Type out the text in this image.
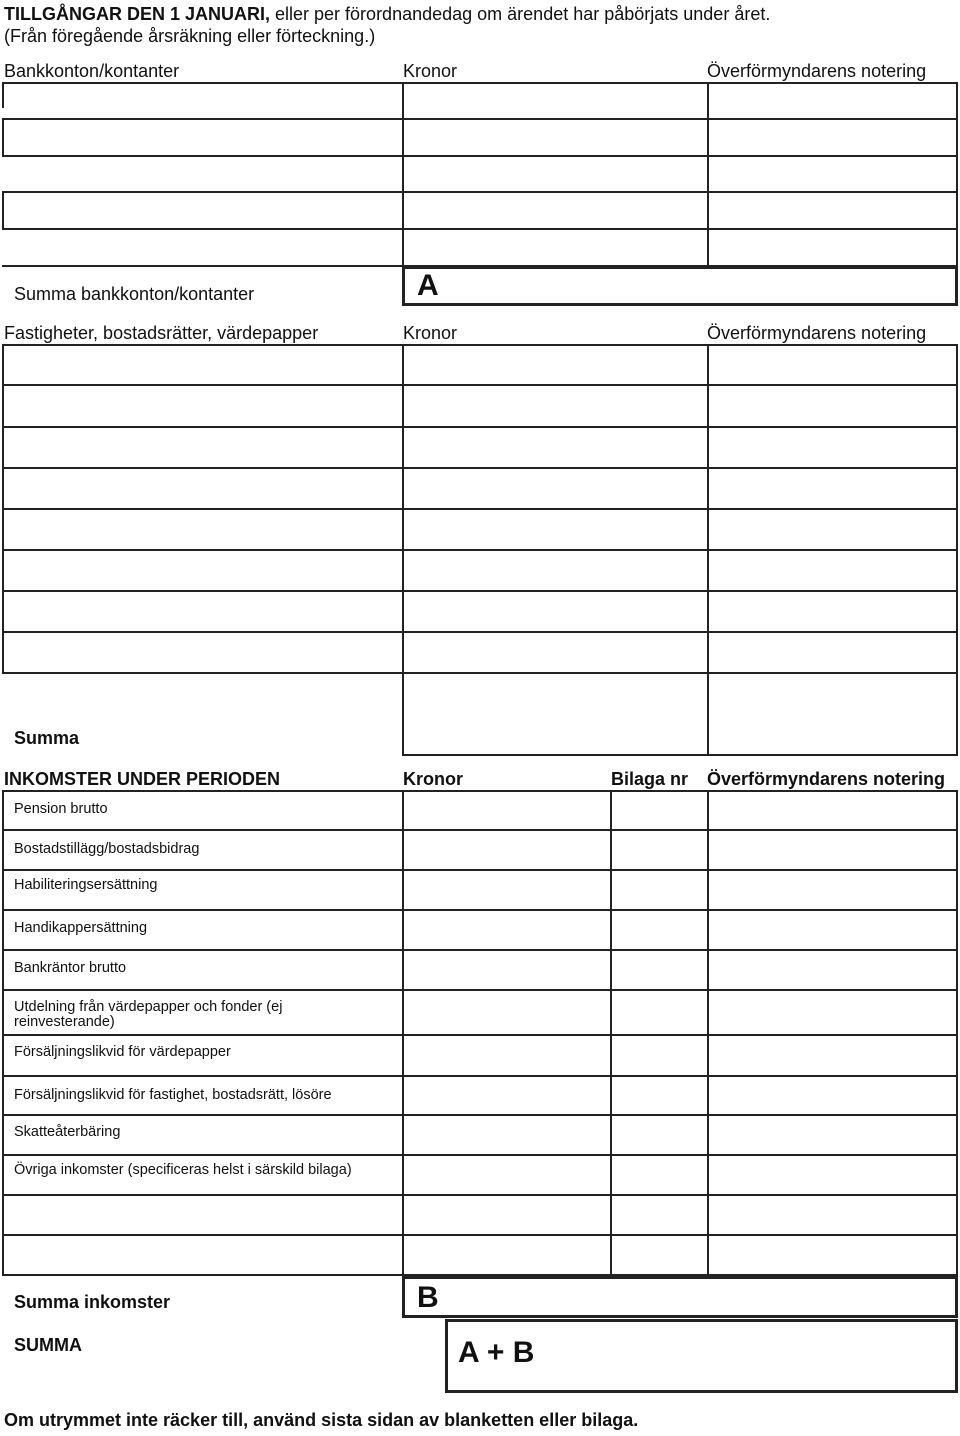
TILLGÅNGAR DEN 1 JANUARI, eller per förordnandedag om ärendet har påbörjats under året.
(Från föregående årsräkning eller förteckning.)
Bankkonton/kontanter	Kronor	Överförmyndarens notering
Summa bankkonton/kontanter	A
Fastigheter, bostadsrätter, värdepapper	Kronor	Överförmyndarens notering
Summa
INKOMSTER UNDER PERIODEN	Kronor	Bilaga nr Överförmyndarens notering
Pension brutto
Bostadstillägg/bostadsbidrag
Habiliteringsersättning
Handikappersättning
Bankräntor brutto
Utdelning från värdepapper och fonder (ej
reinvesterande)
Försäljningslikvid för värdepapper
Försäljningslikvid för fastighet, bostadsrätt, lösöre
Skatteåterbäring
Övriga inkomster (specificeras helst i särskild bilaga)
Summa inkomster	B
SUMMA	A + B
Om utrymmet inte räcker till, använd sista sidan av blanketten eller bilaga.
